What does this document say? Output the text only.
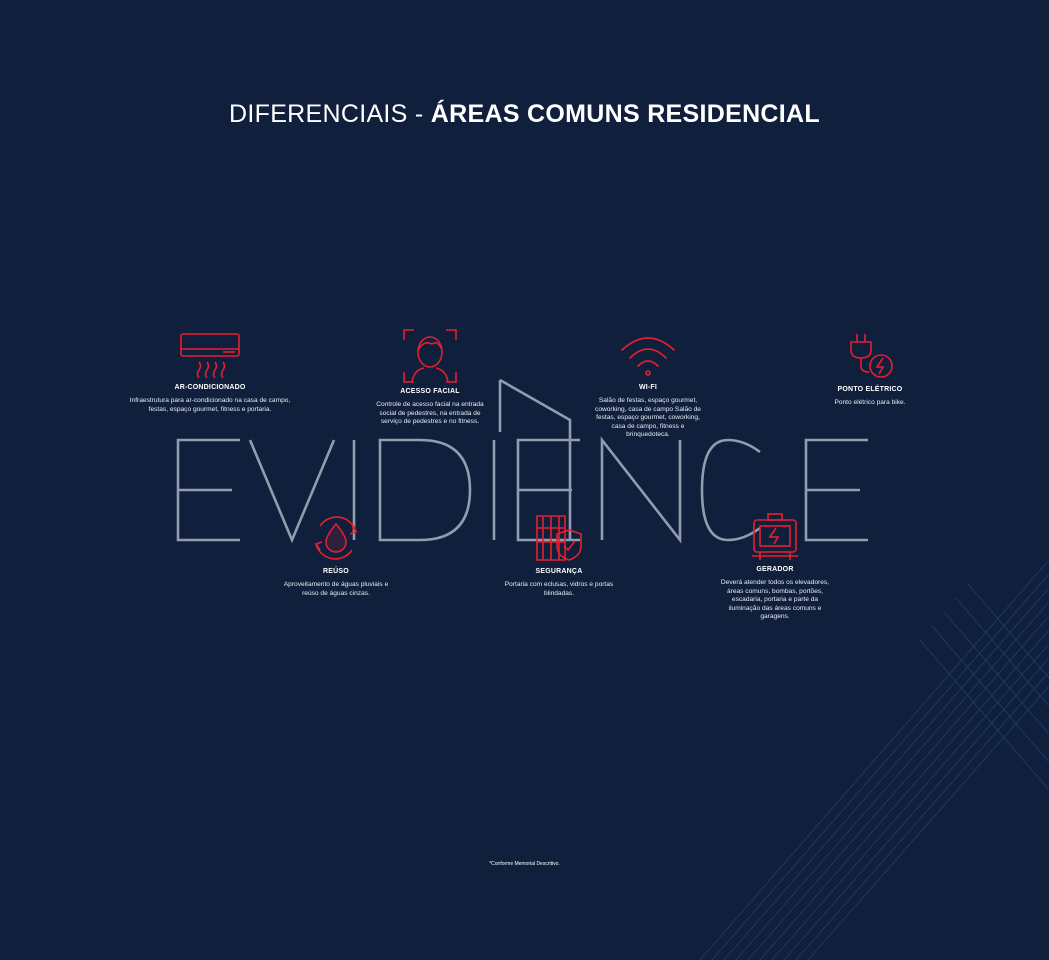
DIFERENCIAIS - ÁREAS COMUNS RESIDENCIAL
AR-CONDICIONADO
Infraestrutura para ar-condicionado na casa de campo, festas, espaço gourmet, fitness e portaria.
ACESSO FACIAL
Controle de acesso facial na entrada social de pedestres, na entrada de serviço de pedestres e no fitness.
WI-FI
Salão de festas, espaço gourmet, coworking, casa de campo Salão de festas, espaço gourmet, coworking, casa de campo, fitness e brinquedoteca.
PONTO ELÉTRICO
Ponto elétrico para bike.
REÚSO
Aproveitamento de águas pluviais e reúso de águas cinzas.
SEGURANÇA
Portaria com eclusas, vidros e portas blindadas.
GERADOR
Deverá atender todos os elevadores, áreas comuns, bombas, portões, escadaria, portaria e parte da iluminação das áreas comuns e garagens.
*Conforme Memorial Descritivo.
